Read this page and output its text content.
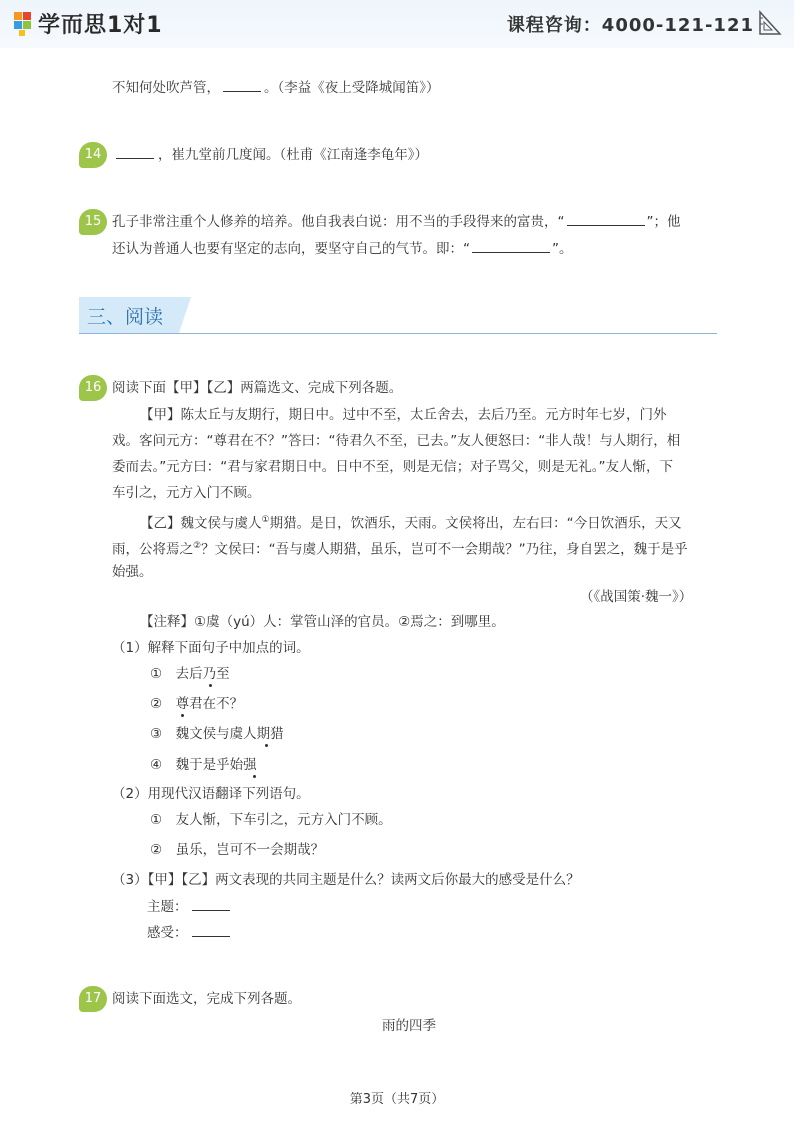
学而思1对1	课程咨询：4000-121-121
不知何处吹芦管，	。（李益《夜上受降城闻笛》）
14	，崔九堂前几度闻。（杜甫《江南逢李龟年》）
15 孔子非常注重个人修养的培养。他自我表白说：用不当的手段得来的富贵，“	”；他
还认为普通人也要有坚定的志向，要坚守自己的气节。即：“	”。
三、阅读
16 阅读下面【甲】【乙】两篇选文、完成下列各题。
【甲】陈太丘与友期行，期日中。过中不至，太丘舍去，去后乃至。元方时年七岁，门外
戏。客问元方：“尊君在不？”答曰：“待君久不至，已去。”友人便怒曰：“非人哉！与人期行，相
委而去。”元方曰：“君与家君期日中。日中不至，则是无信；对子骂父，则是无礼。”友人惭，下
车引之，元方入门不顾。
【乙】魏文侯与虞人①期猎。是日，饮酒乐，天雨。文侯将出，左右曰：“今日饮酒乐，天又
雨，公将焉之②？文侯曰：“吾与虞人期猎，虽乐，岂可不一会期哉？”乃往，身自罢之，魏于是乎
始强。
（《战国策·魏一》）
【注释】①虞（yú）人：掌管山泽的官员。②焉之：到哪里。
（1）解释下面句子中加点的词。
①　去后乃至
②　尊君在不？
③　魏文侯与虞人期猎
④　魏于是乎始强
（2）用现代汉语翻译下列语句。
①　友人惭，下车引之，元方入门不顾。
②　虽乐，岂可不一会期哉？
（3）【甲】【乙】两文表现的共同主题是什么？读两文后你最大的感受是什么？
主题：
感受：
17 阅读下面选文，完成下列各题。
雨的四季
第3页（共7页）
